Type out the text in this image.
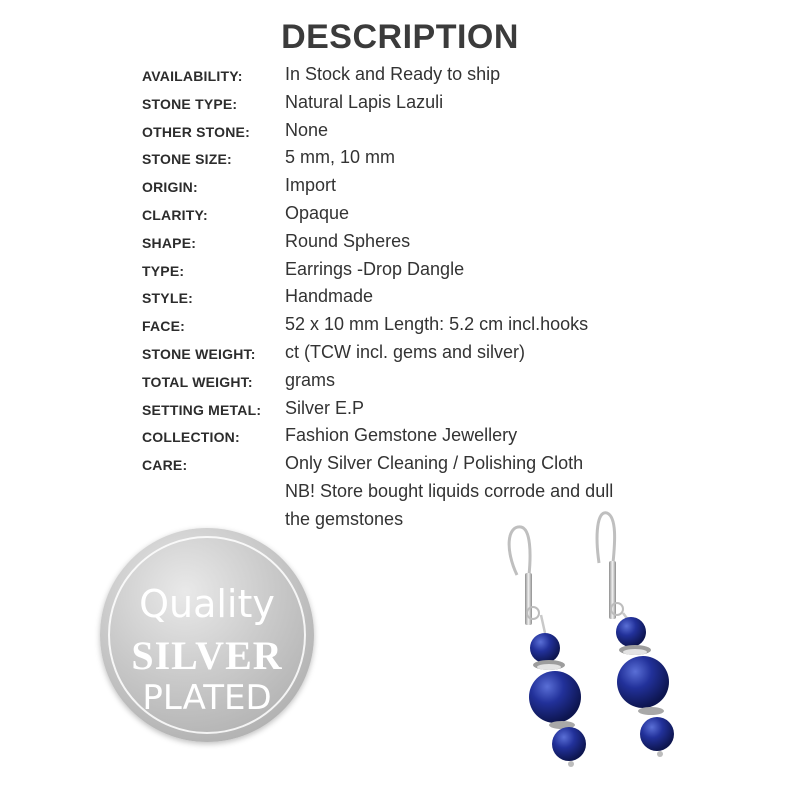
DESCRIPTION
AVAILABILITY: In Stock and Ready to ship
STONE TYPE:	Natural Lapis Lazuli
OTHER STONE: None
STONE SIZE:	5 mm, 10 mm
ORIGIN:	Import
CLARITY:	Opaque
SHAPE:	Round Spheres
TYPE:	Earrings -Drop Dangle
STYLE:	Handmade
FACE:	52 x 10 mm Length: 5.2 cm incl.hooks
STONE WEIGHT: ct (TCW incl. gems and silver)
TOTAL WEIGHT: grams
SETTING METAL: Silver E.P
COLLECTION:	Fashion Gemstone Jewellery
CARE:	Only Silver Cleaning / Polishing Cloth
NB! Store bought liquids corrode and dull
the gemstones
Quality
SILVER
PLATED
